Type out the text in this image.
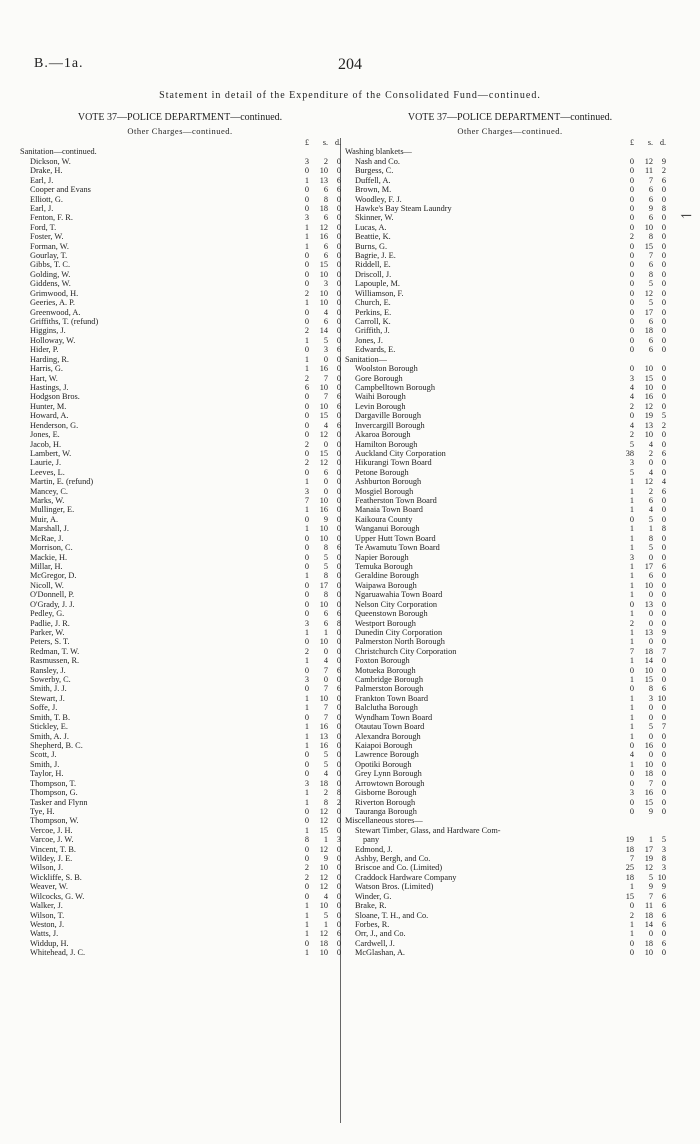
B.—1a.	204
Statement in detail of the Expenditure of the Consolidated Fund—continued.
VOTE 37—POLICE DEPARTMENT—continued.
Other Charges—continued.
VOTE 37—POLICE DEPARTMENT—continued.
Other Charges—continued.
↽
£	s. d.
Sanitation—continued.
Dickson, W.	3	2	0
Drake, H.	0	10	0
Earl, J.	1	13	6
Cooper and Evans	0	6	6
Elliott, G.	0	8	0
Earl, J.	0	18	0
Fenton, F. R.	3	6	0
Ford, T.	1	12	0
Foster, W.	1	16	0
Forman, W.	1	6	0
Gourlay, T.	0	6	0
Gibbs, T. C.	0	15	0
Golding, W.	0	10	0
Giddens, W.	0	3	0
Grimwood, H.	2	10	0
Geeries, A. P.	1	10	0
Greenwood, A.	0	4	0
Griffiths, T. (refund)	0	6	0
Higgins, J.	2	14	0
Holloway, W.	1	5	0
Hider, P.	0	3	6
Harding, R.	1	0	0
Harris, G.	1	16	0
Hart, W.	2	7	0
Hastings, J.	6	10	0
Hodgson Bros.	0	7	6
Hunter, M.	0	10	6
Howard, A.	0	15	0
Henderson, G.	0	4	6
Jones, E.	0	12	0
Jacob, H.	2	0	0
Lambert, W.	0	15	0
Laurie, J.	2	12	0
Leeves, L.	0	6	0
Martin, E. (refund)	1	0	0
Mancey, C.	3	0	0
Marks, W.	7	10	0
Mullinger, E.	1	16	0
Muir, A.	0	9	0
Marshall, J.	1	10	0
McRae, J.	0	10	0
Morrison, C.	0	8	6
Mackie, H.	0	5	0
Millar, H.	0	5	0
McGregor, D.	1	8	0
Nicoll, W.	0	17	0
O'Donnell, P.	0	8	0
O'Grady, J. J.	0	10	0
Pedley, G.	0	6	6
Padlie, J. R.	3	6	8
Parker, W.	1	1	0
Peters, S. T.	0	10	0
Redman, T. W.	2	0	0
Rasmussen, R.	1	4	0
Ransley, J.	0	7	6
Sowerby, C.	3	0	0
Smith, J. J.	0	7	6
Stewart, J.	1	10	0
Soffe, J.	1	7	0
Smith, T. B.	0	7	0
Stickley, E.	1	16	0
Smith, A. J.	1	13	0
Shepherd, B. C.	1	16	0
Scott, J.	0	5	0
Smith, J.	0	5	0
Taylor, H.	0	4	0
Thompson, T.	3	18	0
Thompson, G.	1	2	8
Tasker and Flynn	1	8	2
Tye, H.	0	12	0
Thompson, W.	0	12	0
Vercoe, J. H.	1	15	0
Varcoe, J. W.	8	1	3
Vincent, T. B.	0	12	0
Wildey, J. E.	0	9	0
Wilson, J.	2	10	0
Wickliffe, S. B.	2	12	0
Weaver, W.	0	12	0
Wilcocks, G. W.	0	4	0
Walker, J.	1	10	0
Wilson, T.	1	5	0
Weston, J.	1	1	0
Watts, J.	1	12	6
Widdup, H.	0	18	0
Whitehead, J. C.	1	10	0
£	s. d.
Washing blankets—
Nash and Co.	0	12	9
Burgess, C.	0	11	2
Duffell, A.	0	7	6
Brown, M.	0	6	0
Woodley, F. J.	0	6	0
Hawke's Bay Steam Laundry	0	9	8
Skinner, W.	0	6	0
Lucas, A.	0	10	0
Beattie, K.	2	8	0
Burns, G.	0	15	0
Bagrie, J. E.	0	7	0
Riddell, E.	0	6	0
Driscoll, J.	0	8	0
Lapouple, M.	0	5	0
Williamson, F.	0	12	0
Church, E.	0	5	0
Perkins, E.	0	17	0
Carroll, K.	0	6	0
Griffith, J.	0	18	0
Jones, J.	0	6	0
Edwards, E.	0	6	0
Sanitation—
Woolston Borough	0	10	0
Gore Borough	3	15	0
Campbelltown Borough	4	10	0
Waihi Borough	4	16	0
Levin Borough	2	12	0
Dargaville Borough	0	19	5
Invercargill Borough	4	13	2
Akaroa Borough	2	10	0
Hamilton Borough	5	4	0
Auckland City Corporation	38	2	6
Hikurangi Town Board	3	0	0
Petone Borough	5	4	0
Ashburton Borough	1	12	4
Mosgiel Borough	1	2	6
Featherston Town Board	1	6	0
Manaia Town Board	1	4	0
Kaikoura County	0	5	0
Wanganui Borough	1	1	8
Upper Hutt Town Board	1	8	0
Te Awamutu Town Board	1	5	0
Napier Borough	3	0	0
Temuka Borough	1	17	6
Geraldine Borough	1	6	0
Waipawa Borough	1	10	0
Ngaruawahia Town Board	1	0	0
Nelson City Corporation	0	13	0
Queenstown Borough	1	0	0
Westport Borough	2	0	0
Dunedin City Corporation	1	13	9
Palmerston North Borough	1	0	0
Christchurch City Corporation	7	18	7
Foxton Borough	1	14	0
Motueka Borough	0	10	0
Cambridge Borough	1	15	0
Palmerston Borough	0	8	6
Frankton Town Board	1	3 10
Balclutha Borough	1	0	0
Wyndham Town Board	1	0	0
Otautau Town Board	1	5	7
Alexandra Borough	1	0	0
Kaiapoi Borough	0	16	0
Lawrence Borough	4	0	0
Opotiki Borough	1	10	0
Grey Lynn Borough	0	18	0
Arrowtown Borough	0	7	0
Gisborne Borough	3	16	0
Riverton Borough	0	15	0
Tauranga Borough	0	9	0
Miscellaneous stores—
Stewart Timber, Glass, and Hardware Com-
pany	19	1	5
Edmond, J.	18	17	3
Ashby, Bergh, and Co.	7	19	8
Briscoe and Co. (Limited)	25	12	3
Craddock Hardware Company	18	5 10
Watson Bros. (Limited)	1	9	9
Winder, G.	15	7	6
Brake, R.	0	11	6
Sloane, T. H., and Co.	2	18	6
Forbes, R.	1	14	6
Orr, J., and Co.	1	0	0
Cardwell, J.	0	18	6
McGlashan, A.	0	10	0
